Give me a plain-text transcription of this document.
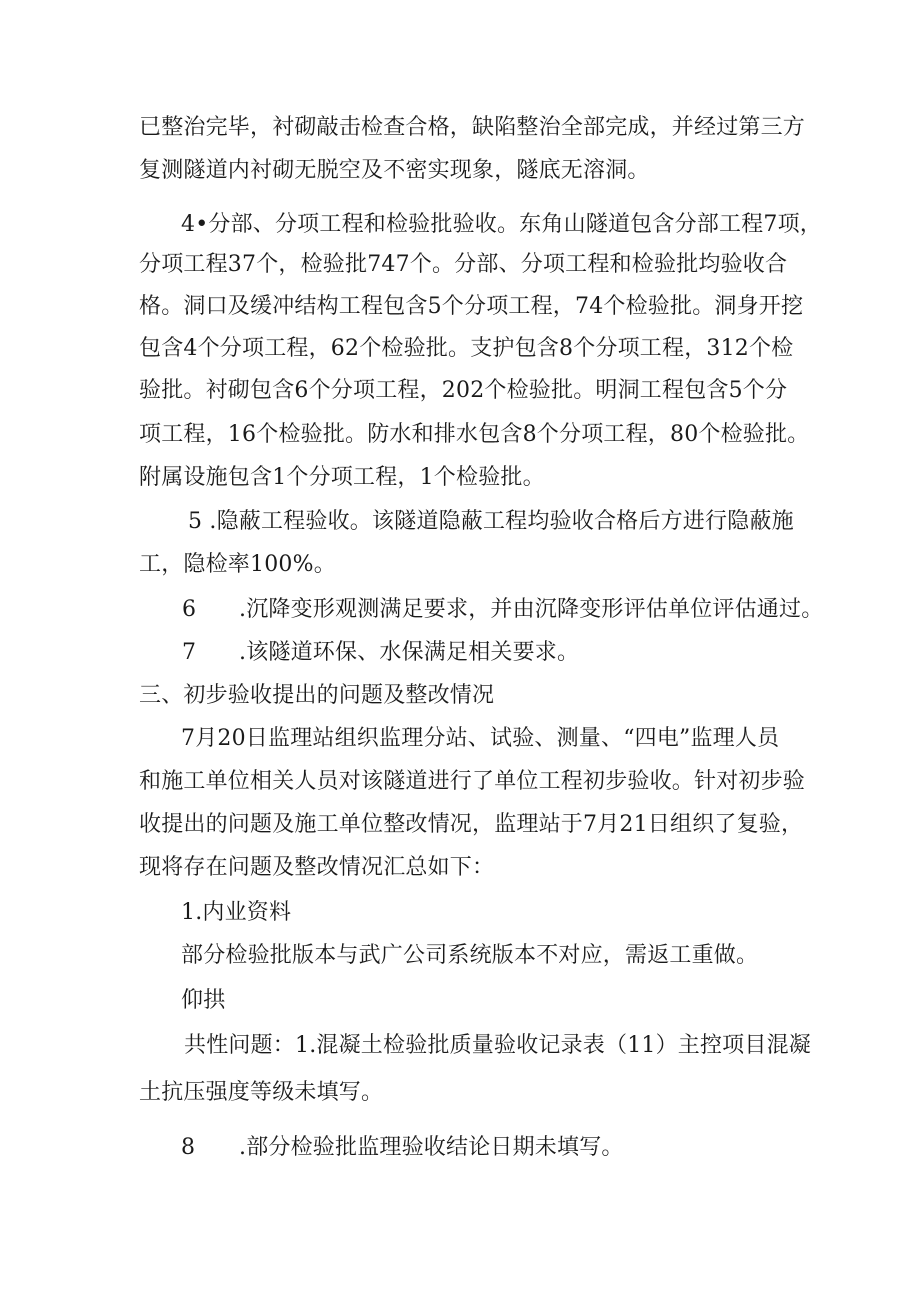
已整治完毕，衬砌敲击检查合格，缺陷整治全部完成，并经过第三方
复测隧道内衬砌无脱空及不密实现象，隧底无溶洞。
4•分部、分项工程和检验批验收。东角山隧道包含分部工程7项，
分项工程37个，检验批747个。分部、分项工程和检验批均验收合
格。洞口及缓冲结构工程包含5个分项工程，74个检验批。洞身开挖
包含4个分项工程，62个检验批。支护包含8个分项工程，312个检
验批。衬砌包含6个分项工程，202个检验批。明洞工程包含5个分
项工程，16个检验批。防水和排水包含8个分项工程，80个检验批。
附属设施包含1个分项工程，1个检验批。
5 .隐蔽工程验收。该隧道隐蔽工程均验收合格后方进行隐蔽施
工，隐检率100%。
6 .沉降变形观测满足要求，并由沉降变形评估单位评估通过。
7 .该隧道环保、水保满足相关要求。
三、初步验收提出的问题及整改情况
7月20日监理站组织监理分站、试验、测量、“四电”监理人员
和施工单位相关人员对该隧道进行了单位工程初步验收。针对初步验
收提出的问题及施工单位整改情况，监理站于7月21日组织了复验，
现将存在问题及整改情况汇总如下：
1.内业资料
部分检验批版本与武广公司系统版本不对应，需返工重做。
仰拱
共性问题：1.混凝土检验批质量验收记录表（11）主控项目混凝
土抗压强度等级未填写。
8 .部分检验批监理验收结论日期未填写。
